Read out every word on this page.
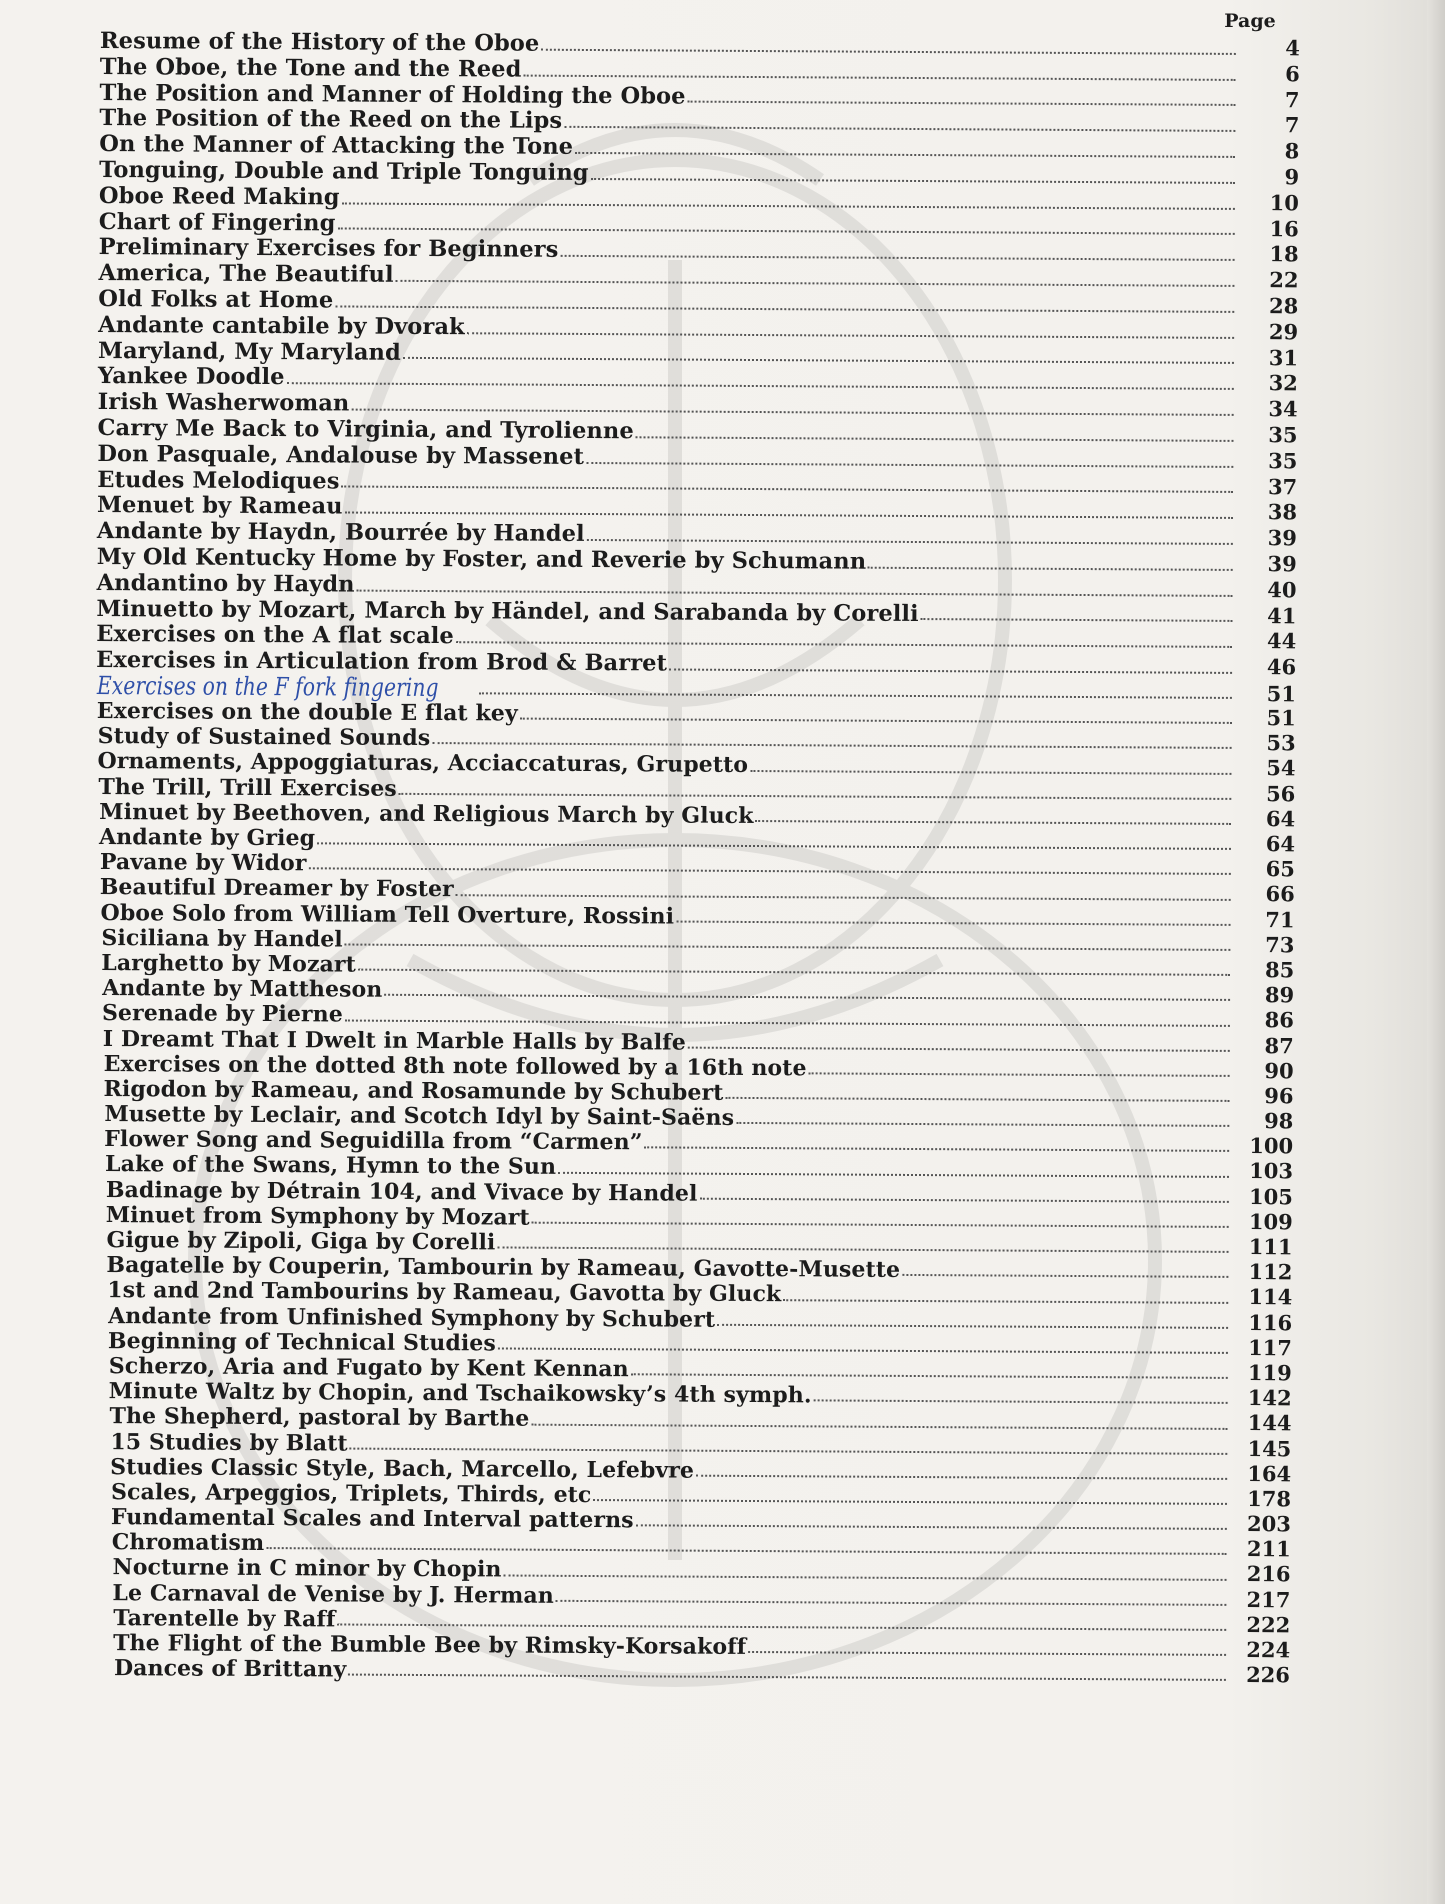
Page
Resume of the History of the Oboe	4
The Oboe, the Tone and the Reed	6
The Position and Manner of Holding the Oboe	7
The Position of the Reed on the Lips	7
On the Manner of Attacking the Tone	8
Tonguing, Double and Triple Tonguing	9
Oboe Reed Making	10
Chart of Fingering	16
Preliminary Exercises for Beginners	18
America, The Beautiful	22
Old Folks at Home	28
Andante cantabile by Dvorak	29
Maryland, My Maryland	31
Yankee Doodle	32
Irish Washerwoman	34
Carry Me Back to Virginia, and Tyrolienne	35
Don Pasquale, Andalouse by Massenet	35
Etudes Melodiques	37
Menuet by Rameau	38
Andante by Haydn, Bourrée by Handel	39
My Old Kentucky Home by Foster, and Reverie by Schumann	39
Andantino by Haydn	40
Minuetto by Mozart, March by Händel, and Sarabanda by Corelli	41
Exercises on the A flat scale	44
Exercises in Articulation from Brod & Barret	46
Exercises on the F fork fingering	51
Exercises on the double E flat key	51
Study of Sustained Sounds	53
Ornaments, Appoggiaturas, Acciaccaturas, Grupetto	54
The Trill, Trill Exercises	56
Minuet by Beethoven, and Religious March by Gluck	64
Andante by Grieg	64
Pavane by Widor	65
Beautiful Dreamer by Foster	66
Oboe Solo from William Tell Overture, Rossini	71
Siciliana by Handel	73
Larghetto by Mozart	85
Andante by Mattheson	89
Serenade by Pierne	86
I Dreamt That I Dwelt in Marble Halls by Balfe	87
Exercises on the dotted 8th note followed by a 16th note	90
Rigodon by Rameau, and Rosamunde by Schubert	96
Musette by Leclair, and Scotch Idyl by Saint-Saëns	98
Flower Song and Seguidilla from “Carmen”	100
Lake of the Swans, Hymn to the Sun	103
Badinage by Détrain 104, and Vivace by Handel	105
Minuet from Symphony by Mozart	109
Gigue by Zipoli, Giga by Corelli	111
Bagatelle by Couperin, Tambourin by Rameau, Gavotte-Musette	112
1st and 2nd Tambourins by Rameau, Gavotta by Gluck	114
Andante from Unfinished Symphony by Schubert	116
Beginning of Technical Studies	117
Scherzo, Aria and Fugato by Kent Kennan	119
Minute Waltz by Chopin, and Tschaikowsky’s 4th symph.	142
The Shepherd, pastoral by Barthe	144
15 Studies by Blatt	145
Studies Classic Style, Bach, Marcello, Lefebvre	164
Scales, Arpeggios, Triplets, Thirds, etc	178
Fundamental Scales and Interval patterns	203
Chromatism	211
Nocturne in C minor by Chopin	216
Le Carnaval de Venise by J. Herman	217
Tarentelle by Raff	222
The Flight of the Bumble Bee by Rimsky-Korsakoff	224
Dances of Brittany	226
